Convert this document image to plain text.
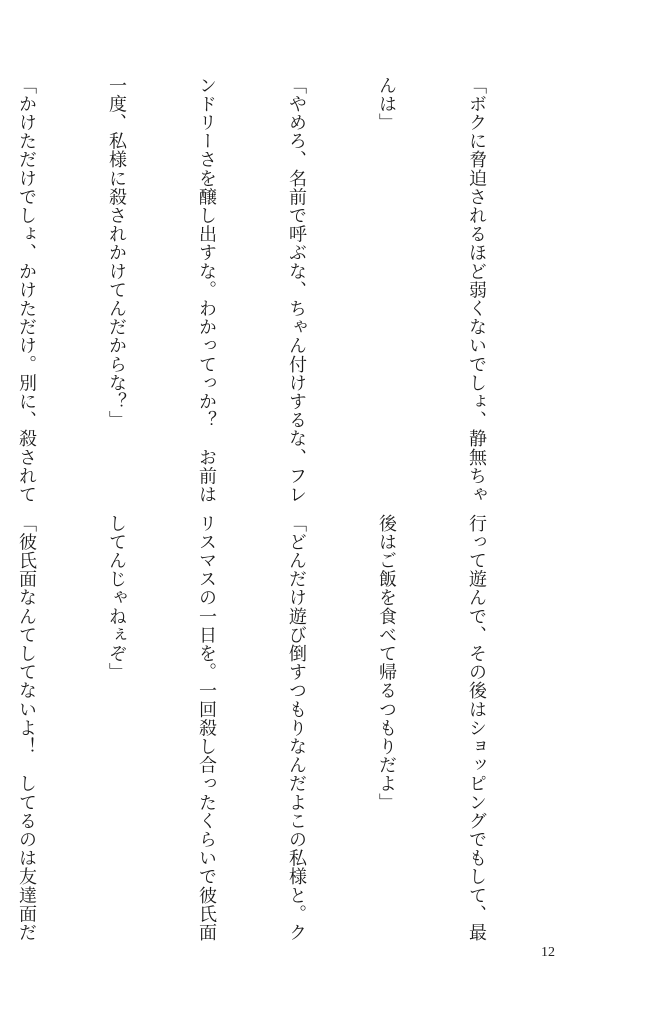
「ボクに脅迫されるほど弱くないでしょ、静無ちゃ

んは」

「やめろ、名前で呼ぶな、ちゃん付けするな、フレ

ンドリーさを醸し出すな。わかってっか？　お前は

一度、私様に殺されかけてんだからな？」

「かけただけでしょ、かけただけ。別に、殺されて

行って遊んで、その後はショッピングでもして、最

後はご飯を食べて帰るつもりだよ」

「どんだけ遊び倒すつもりなんだよこの私様と。ク

リスマスの一日を。一回殺し合ったくらいで彼氏面

してんじゃねぇぞ」

「彼氏面なんてしてないよ！　してるのは友達面だ

12
